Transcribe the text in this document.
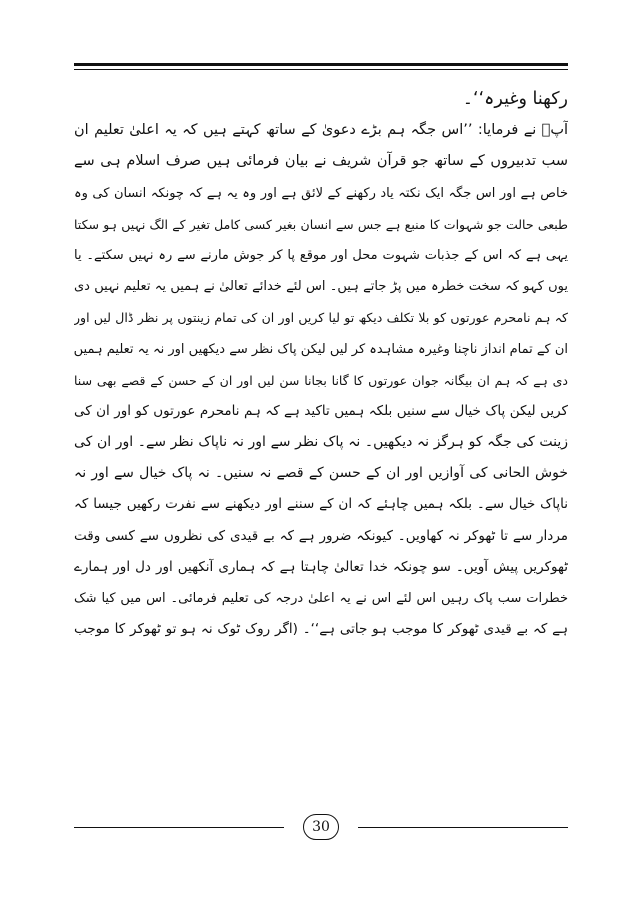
رکھنا وغیرہ‘‘۔
آپؒ نے فرمایا: ’’اس جگہ ہم بڑے دعویٰ کے ساتھ کہتے ہیں کہ یہ اعلیٰ تعلیم ان
سب تدبیروں کے ساتھ جو قرآن شریف نے بیان فرمائی ہیں صرف اسلام ہی سے
خاص ہے اور اس جگہ ایک نکتہ یاد رکھنے کے لائق ہے اور وہ یہ ہے کہ چونکہ انسان کی وہ
طبعی حالت جو شہوات کا منبع ہے جس سے انسان بغیر کسی کامل تغیر کے الگ نہیں ہو سکتا
یہی ہے کہ اس کے جذبات شہوت محل اور موقع پا کر جوش مارنے سے رہ نہیں سکتے۔ یا
یوں کہو کہ سخت خطرہ میں پڑ جاتے ہیں۔ اس لئے خدائے تعالیٰ نے ہمیں یہ تعلیم نہیں دی
کہ ہم نامحرم عورتوں کو بلا تکلف دیکھ تو لیا کریں اور ان کی تمام زینتوں پر نظر ڈال لیں اور
ان کے تمام انداز ناچنا وغیرہ مشاہدہ کر لیں لیکن پاک نظر سے دیکھیں اور نہ یہ تعلیم ہمیں
دی ہے کہ ہم ان بیگانہ جوان عورتوں کا گانا بجانا سن لیں اور ان کے حسن کے قصے بھی سنا
کریں لیکن پاک خیال سے سنیں بلکہ ہمیں تاکید ہے کہ ہم نامحرم عورتوں کو اور ان کی
زینت کی جگہ کو ہرگز نہ دیکھیں۔ نہ پاک نظر سے اور نہ ناپاک نظر سے۔ اور ان کی
خوش الحانی کی آوازیں اور ان کے حسن کے قصے نہ سنیں۔ نہ پاک خیال سے اور نہ
ناپاک خیال سے۔ بلکہ ہمیں چاہئے کہ ان کے سننے اور دیکھنے سے نفرت رکھیں جیسا کہ
مردار سے تا ٹھوکر نہ کھاویں۔ کیونکہ ضرور ہے کہ بے قیدی کی نظروں سے کسی وقت
ٹھوکریں پیش آویں۔ سو چونکہ خدا تعالیٰ چاہتا ہے کہ ہماری آنکھیں اور دل اور ہمارے
خطرات سب پاک رہیں اس لئے اس نے یہ اعلیٰ درجہ کی تعلیم فرمائی۔ اس میں کیا شک
ہے کہ بے قیدی ٹھوکر کا موجب ہو جاتی ہے‘‘۔ (اگر روک ٹوک نہ ہو تو ٹھوکر کا موجب
30
